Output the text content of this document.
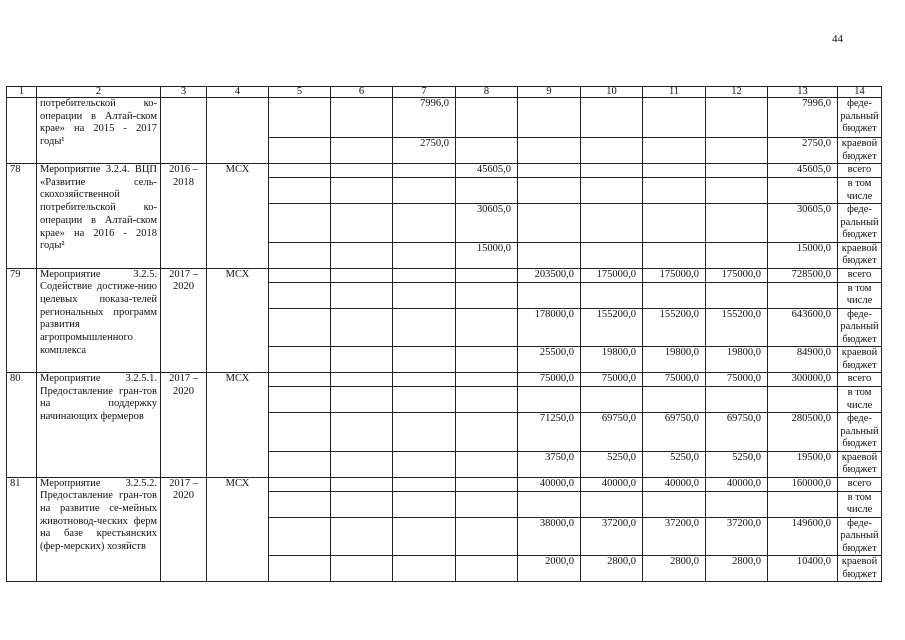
44
1	2	3	4	5	6	7	8	9	10	11	12	13	14
	потребительской ко-операции в Алтай-ском крае» на 2015 - 2017 годы¹					7996,0						7996,0	феде-ральный бюджет
						2750,0						2750,0	краевой бюджет
78	Мероприятие 3.2.4. ВЦП «Развитие сель-скохозяйственной потребительской ко-операции в Алтай-ском крае» на 2016 - 2018 годы²	2016 – 2018	МСХ				45605,0					45605,0	всего
													в том числе
							30605,0					30605,0	феде-ральный бюджет
							15000,0					15000,0	краевой бюджет
79	Мероприятие 3.2.5. Содействие достиже-нию целевых показа-телей региональных программ развития агропромышленного комплекса	2017 – 2020	МСХ					203500,0	175000,0	175000,0	175000,0	728500,0	всего
													в том числе
								178000,0	155200,0	155200,0	155200,0	643600,0	феде-ральный бюджет
								25500,0	19800,0	19800,0	19800,0	84900,0	краевой бюджет
80	Мероприятие 3.2.5.1. Предоставление гран-тов на поддержку начинающих фермеров	2017 – 2020	МСХ					75000,0	75000,0	75000,0	75000,0	300000,0	всего
													в том числе
								71250,0	69750,0	69750,0	69750,0	280500,0	феде-ральный бюджет
								3750,0	5250,0	5250,0	5250,0	19500,0	краевой бюджет
81	Мероприятие 3.2.5.2. Предоставление гран-тов на развитие се-мейных животновод-ческих ферм на базе крестьянских (фер-мерских) хозяйств	2017 – 2020	МСХ					40000,0	40000,0	40000,0	40000,0	160000,0	всего
													в том числе
								38000,0	37200,0	37200,0	37200,0	149600,0	феде-ральный бюджет
								2000,0	2800,0	2800,0	2800,0	10400,0	краевой бюджет
